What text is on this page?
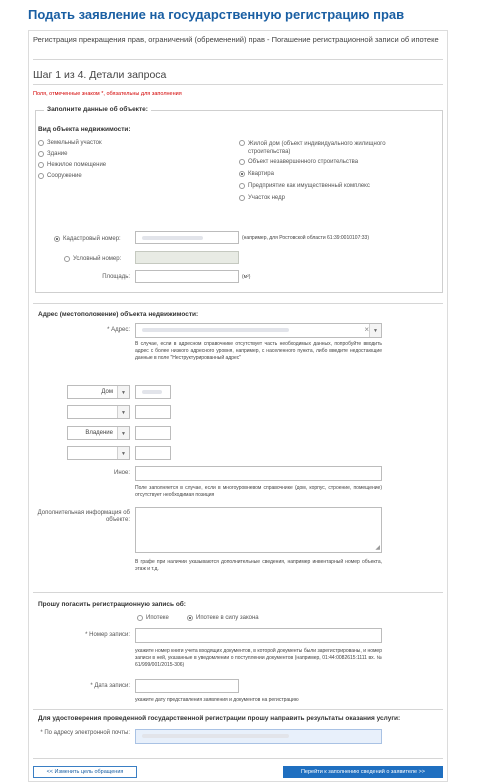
Подать заявление на государственную регистрацию прав
Регистрация прекращения прав, ограничений (обременений) прав - Погашение регистрационной записи об ипотеке
Шаг 1 из 4. Детали запроса
Поля, отмеченные знаком *, обязательны для заполнения
Заполните данные об объекте:
Вид объекта недвижимости:
Земельный участок
Здание
Нежилое помещение
Сооружение
Жилой дом (объект индивидуального жилищного строительства)
Объект незавершенного строительства
Квартира
Предприятие как имущественный комплекс
Участок недр
Кадастровый номер:	(например, для Ростовской области 61:39:0010107:33)
Условный номер:
Площадь:	(м²)
Адрес (местоположение) объекта недвижимости:
* Адрес:	× ▼
В случае, если в адресном справочнике отсутствует часть необходимых данных, попробуйте вводить адрес с более низкого адресного уровня, например, с населенного пункта, либо введите недостающие данные в поле "Неструктурированный адрес"
Дом	▼
▼
Владение	▼
▼
Иное:
Поле заполняется в случае, если в многоуровневом справочнике (дом, корпус, строение, помещение) отсутствует необходимая позиция
Дополнительная информация об объекте:
◢
В графе при наличии указываются дополнительные сведения, например инвентарный номер объекта, этаж и т.д.
Прошу погасить регистрационную запись об:
Ипотеке	Ипотеке в силу закона
* Номер записи:
укажите номер книги учета входящих документов, в которой документы были зарегистрированы, и номер записи в ней, указанные в уведомлении о поступлении документов (например, 01:44:0082615:1111 вх. № 61/999/001/2015-306)
* Дата записи:
укажите дату представления заявления и документов на регистрацию
Для удостоверения проведенной государственной регистрации прошу направить результаты оказания услуги:
* По адресу электронной почты:
<< Изменить цель обращения	Перейти к заполнению сведений о заявителе >>
